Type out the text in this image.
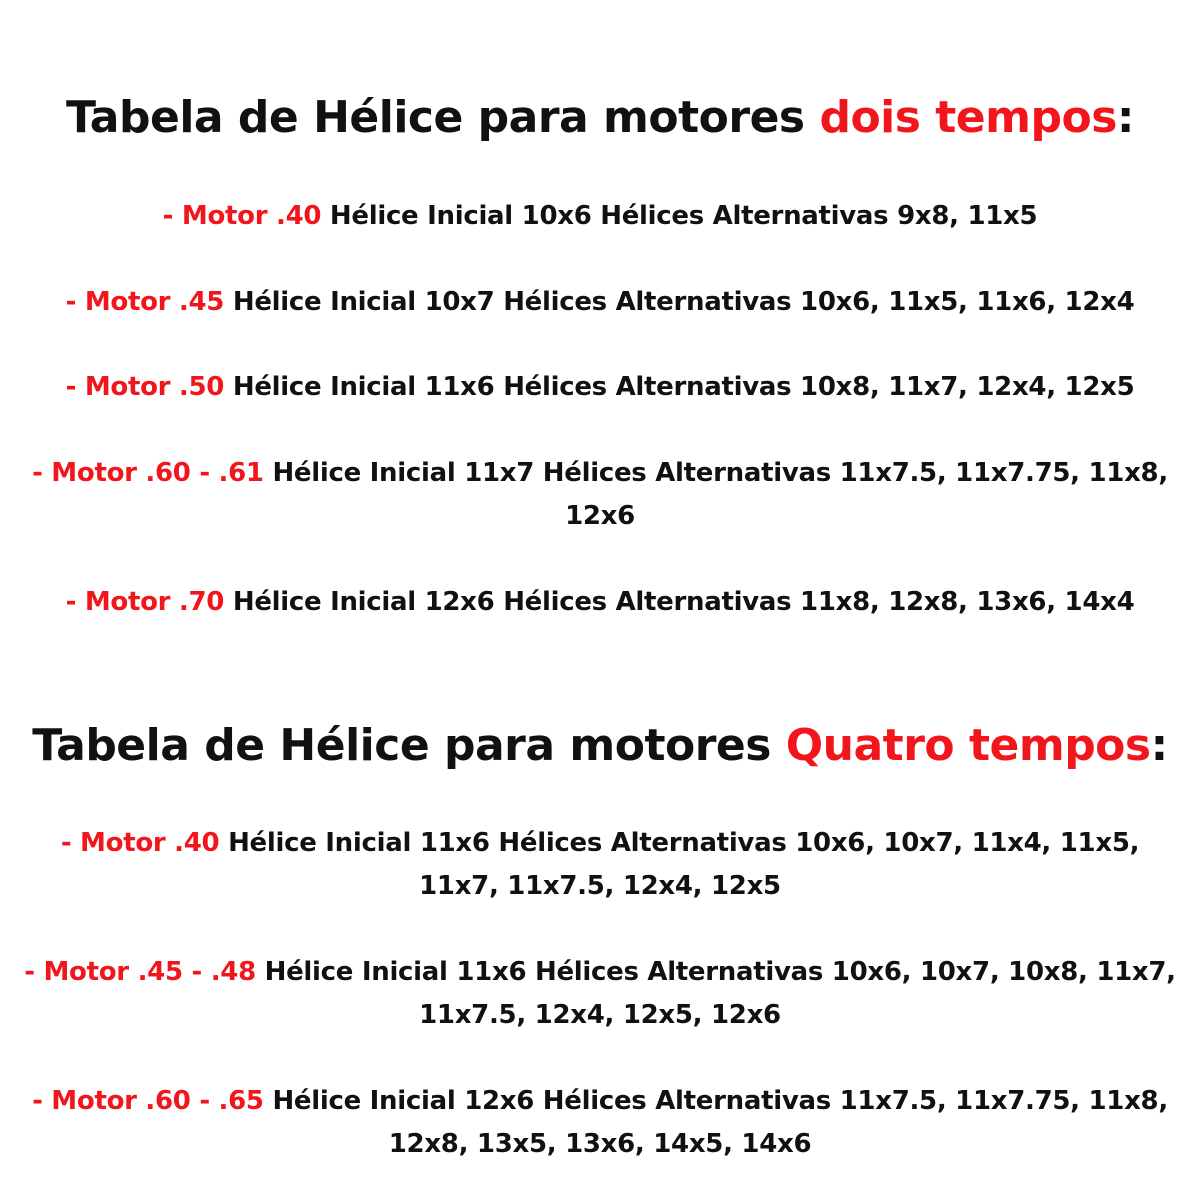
Tabela de Hélice para motores dois tempos:
- Motor .40 Hélice Inicial 10x6 Hélices Alternativas 9x8, 11x5
- Motor .45 Hélice Inicial 10x7 Hélices Alternativas 10x6, 11x5, 11x6, 12x4
- Motor .50 Hélice Inicial 11x6 Hélices Alternativas 10x8, 11x7, 12x4, 12x5
- Motor .60 - .61 Hélice Inicial 11x7 Hélices Alternativas 11x7.5, 11x7.75, 11x8,
12x6
- Motor .70 Hélice Inicial 12x6 Hélices Alternativas 11x8, 12x8, 13x6, 14x4
Tabela de Hélice para motores Quatro tempos:
- Motor .40 Hélice Inicial 11x6 Hélices Alternativas 10x6, 10x7, 11x4, 11x5,
11x7, 11x7.5, 12x4, 12x5
- Motor .45 - .48 Hélice Inicial 11x6 Hélices Alternativas 10x6, 10x7, 10x8, 11x7,
11x7.5, 12x4, 12x5, 12x6
- Motor .60 - .65 Hélice Inicial 12x6 Hélices Alternativas 11x7.5, 11x7.75, 11x8,
12x8, 13x5, 13x6, 14x5, 14x6
